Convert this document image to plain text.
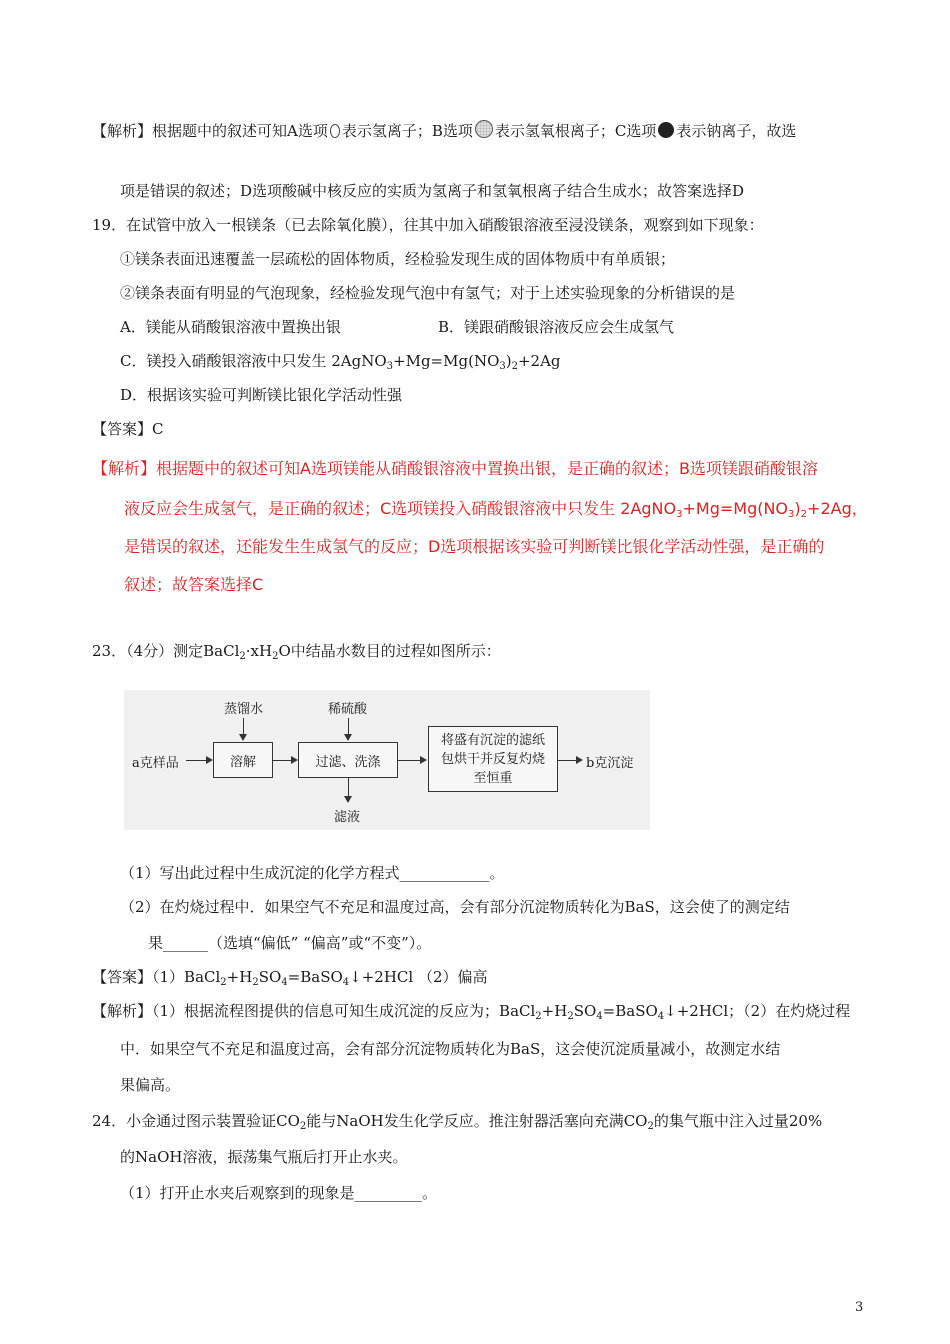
【解析】根据题中的叙述可知A选项 表示氢离子；B选项 表示氢氧根离子；C选项 表示钠离子，故选
项是错误的叙述；D选项酸碱中核反应的实质为氢离子和氢氧根离子结合生成水；故答案选择D
19．在试管中放入一根镁条（已去除氧化膜），往其中加入硝酸银溶液至浸没镁条，观察到如下现象：
①镁条表面迅速覆盖一层疏松的固体物质，经检验发现生成的固体物质中有单质银；
②镁条表面有明显的气泡现象，经检验发现气泡中有氢气；对于上述实验现象的分析错误的是
A．镁能从硝酸银溶液中置换出银	B．镁跟硝酸银溶液反应会生成氢气
C．镁投入硝酸银溶液中只发生 $2AgNO_3+Mg=Mg(NO_3)_2+2Ag$
D．根据该实验可判断镁比银化学活动性强
【答案】C
【解析】根据题中的叙述可知A选项镁能从硝酸银溶液中置换出银，是正确的叙述；B选项镁跟硝酸银溶
液反应会生成氢气，是正确的叙述；C选项镁投入硝酸银溶液中只发生 $2AgNO_3+Mg=Mg(NO_3)_2+2Ag$，
是错误的叙述，还能发生生成氢气的反应；D选项根据该实验可判断镁比银化学活动性强，是正确的
叙述；故答案选择C
23．（4分）测定$BaCl_2\cdot xH_2O$中结晶水数目的过程如图所示：
a克样品
蒸馏水
溶解
稀硫酸
过滤、洗涤
滤液
将盛有沉淀的滤纸包烘干并反复灼烧至恒重
b克沉淀
（1）写出此过程中生成沉淀的化学方程式____________。
（2）在灼烧过程中．如果空气不充足和温度过高，会有部分沉淀物质转化为BaS，这会使了的测定结
果______（选填“偏低” “偏高”或“不变”）。
【答案】$(1)BaCl_2+H_2SO_4=BaSO_4↓+2HCl$ （2）偏高
【解析】（1）根据流程图提供的信息可知生成沉淀的反应为；$BaCl_2+H_2SO_4=BaSO_4↓+2HCl$；（2）在灼烧过程
中．如果空气不充足和温度过高，会有部分沉淀物质转化为BaS，这会使沉淀质量减小，故测定水结
果偏高。
24．小金通过图示装置验证$CO_2$能与NaOH发生化学反应。推注射器活塞向充满$CO_2$的集气瓶中注入过量20%
的NaOH溶液，振荡集气瓶后打开止水夹。
（1）打开止水夹后观察到的现象是_________。
3
